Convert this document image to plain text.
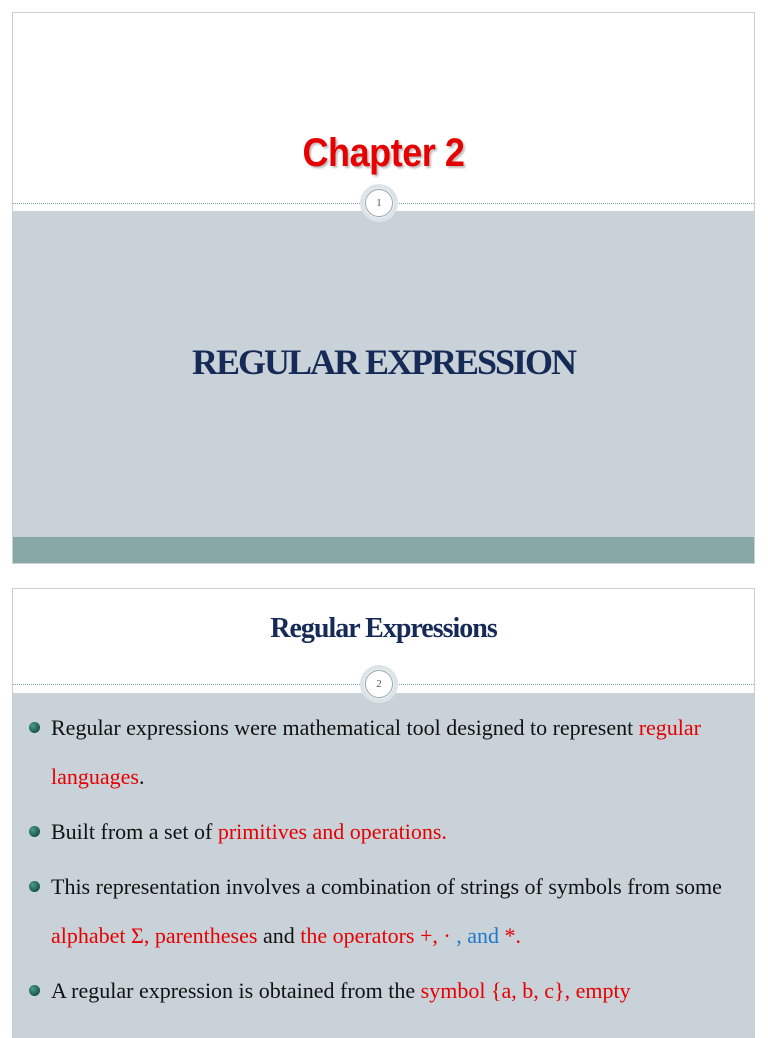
Chapter 2
REGULAR EXPRESSION
1
Regular Expressions
2
Regular expressions were mathematical tool designed to represent regular languages.
Built from a set of primitives and operations.
This representation involves a combination of strings of symbols from some alphabet Σ, parentheses and the operators +, · , and *.
A regular expression is obtained from the symbol {a, b, c}, empty
